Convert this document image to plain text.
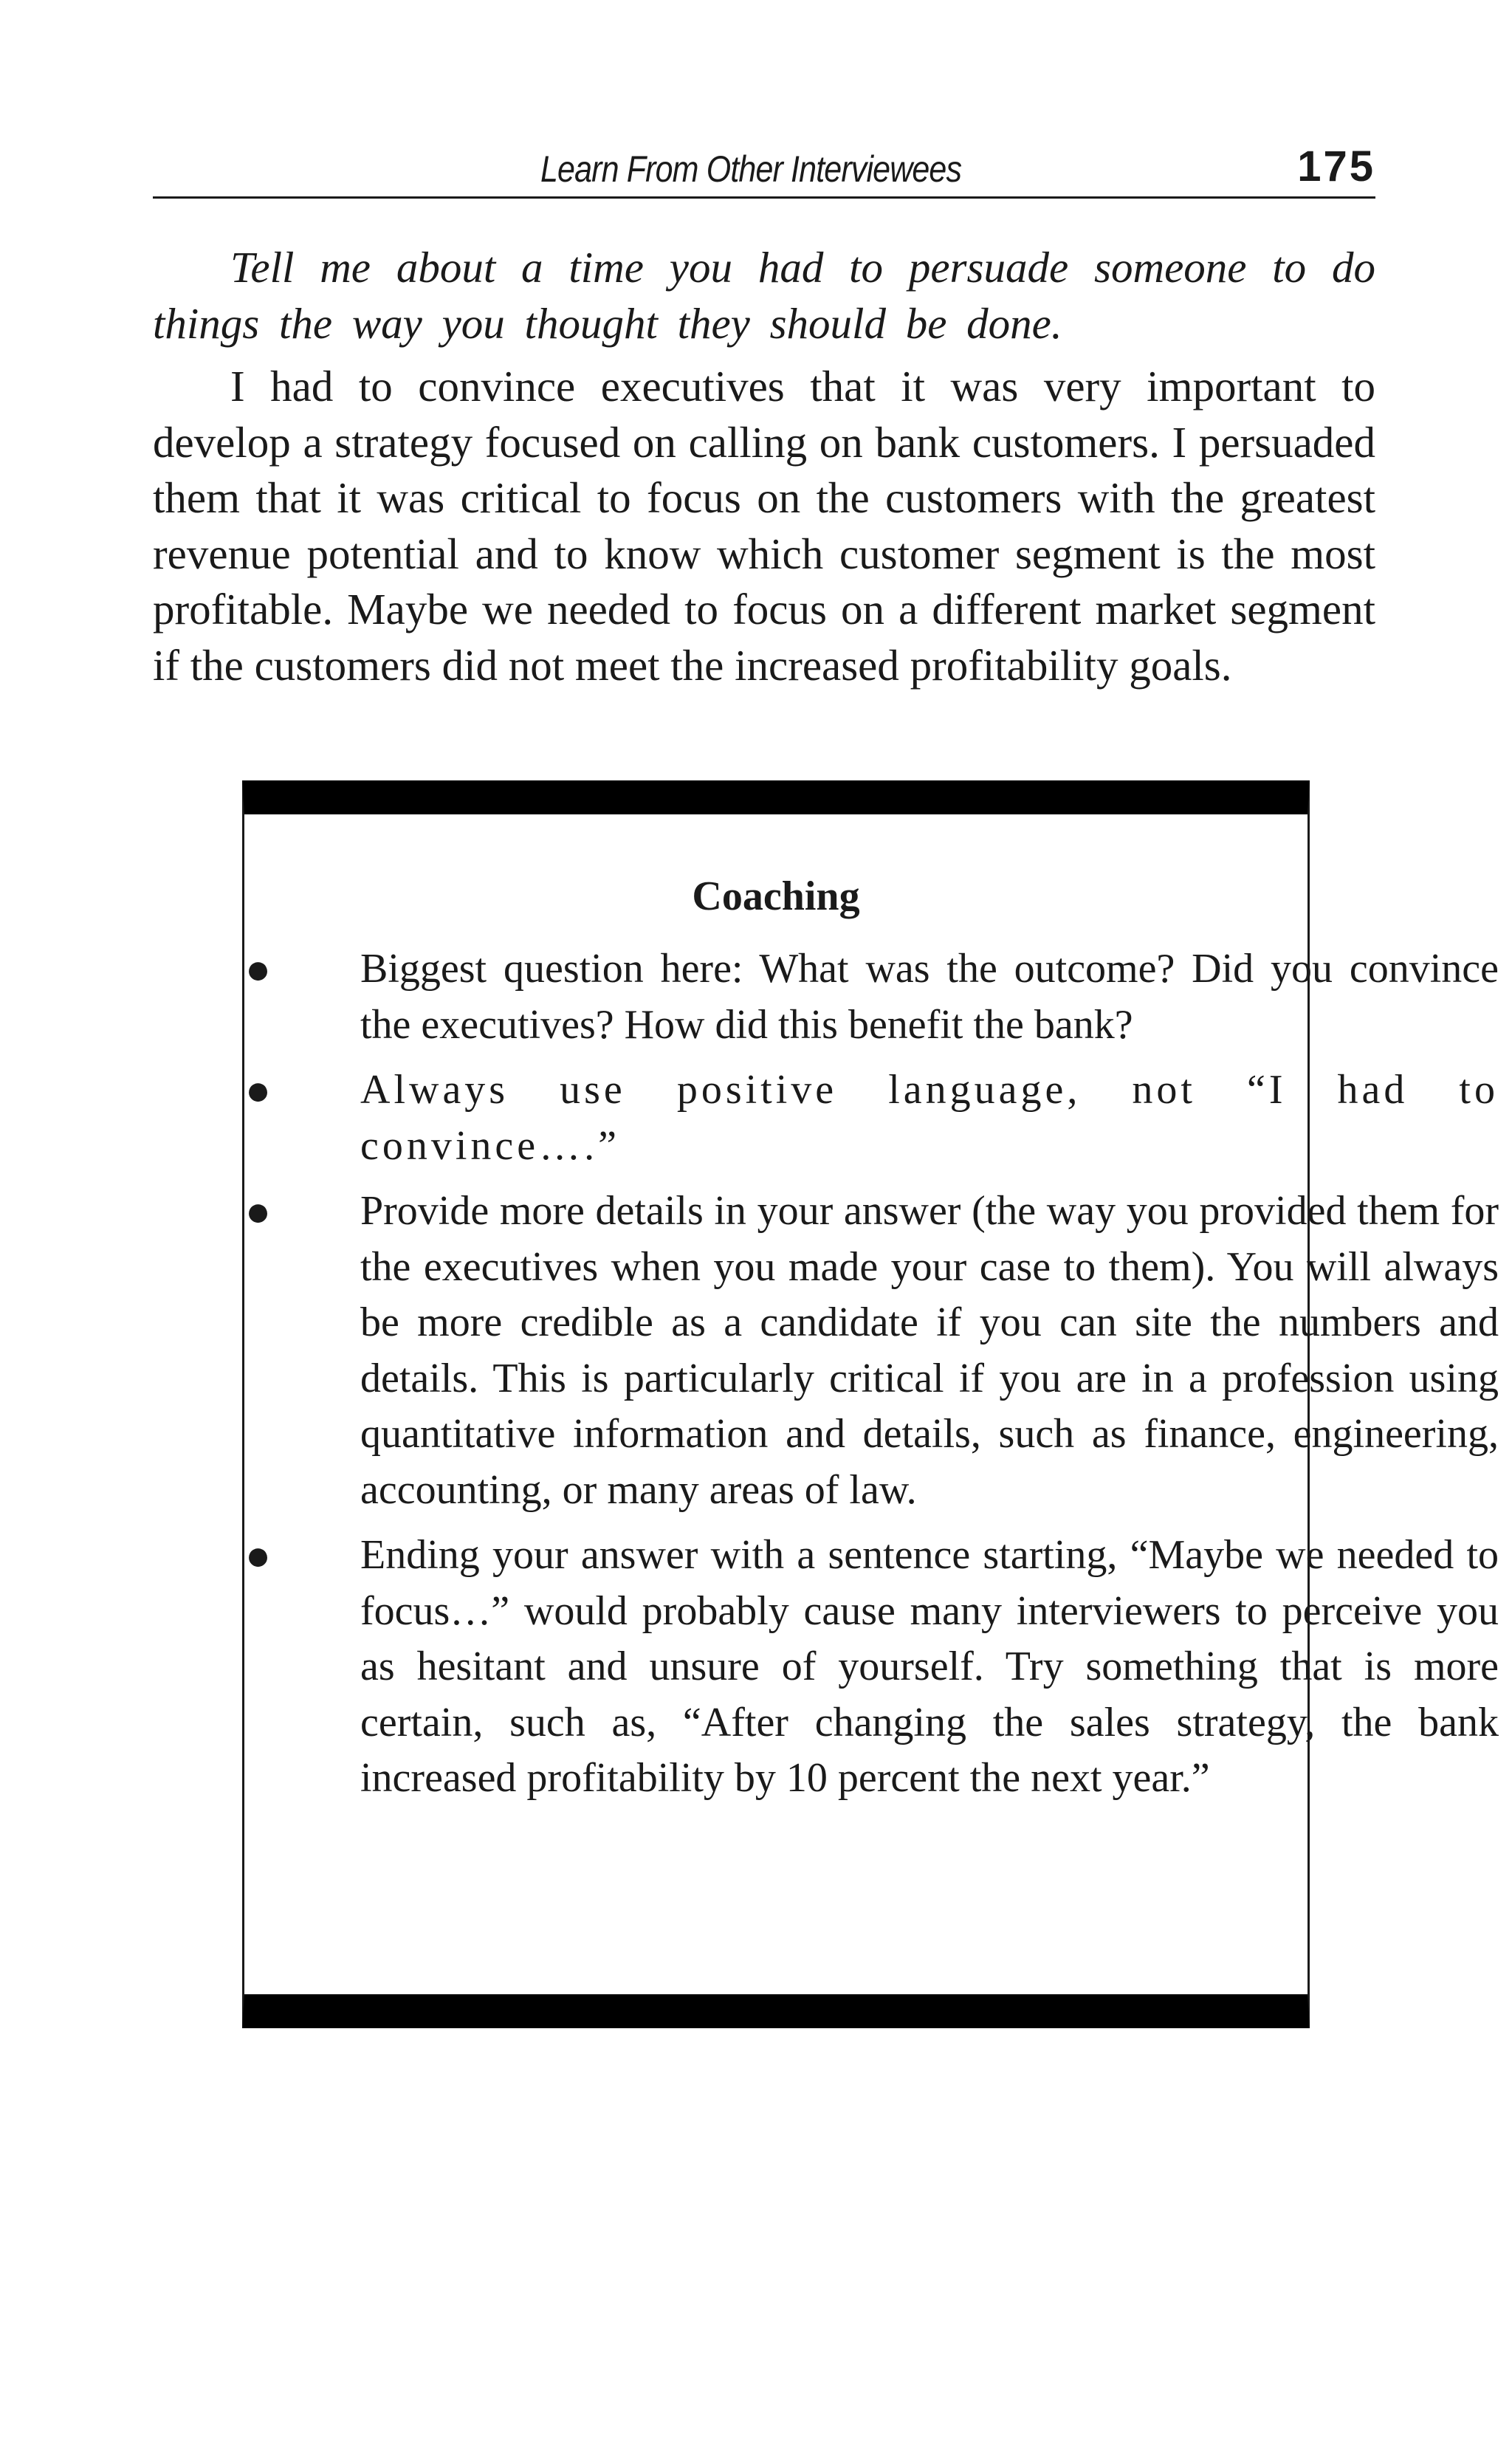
Learn From Other Interviewees	175

Tell me about a time you had to persuade someone to do things the way you thought they should be done.

I had to convince executives that it was very important to develop a strategy focused on calling on bank customers. I persuaded them that it was critical to focus on the customers with the greatest revenue potential and to know which customer segment is the most profitable. Maybe we needed to focus on a different market segment if the customers did not meet the increased profitability goals.

Coaching
● Biggest question here: What was the outcome? Did you convince the executives? How did this benefit the bank?
● Always use positive language, not “I had to convince….”
● Provide more details in your answer (the way you provided them for the executives when you made your case to them). You will always be more credible as a candidate if you can site the numbers and details. This is particularly critical if you are in a profession using quantitative information and details, such as finance, engineering, accounting, or many areas of law.
● Ending your answer with a sentence starting, “Maybe we needed to focus…” would probably cause many interviewers to perceive you as hesitant and unsure of yourself. Try something that is more certain, such as, “After changing the sales strategy, the bank increased profitability by 10 percent the next year.”
